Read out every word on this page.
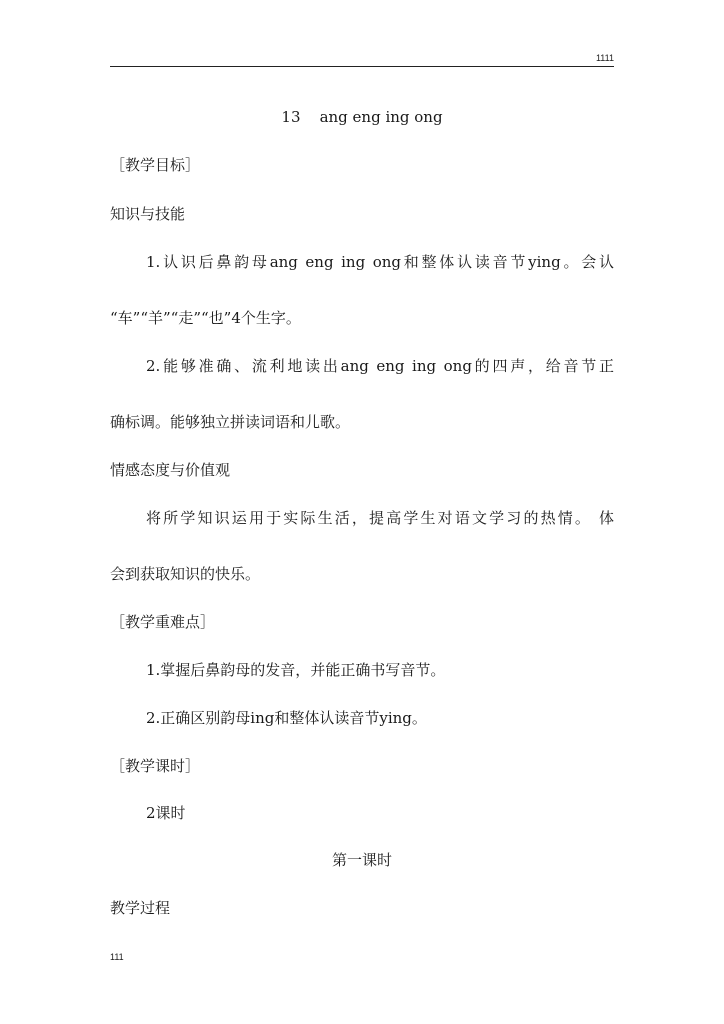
1111
13    ang eng ing ong
［教学目标］
知识与技能
1.认识后鼻韵母ang eng ing ong和整体认读音节ying。会认
“车”“羊”“走”“也”4个生字。
2.能够准确、流利地读出ang eng ing ong的四声，给音节正
确标调。能够独立拼读词语和儿歌。
情感态度与价值观
将所学知识运用于实际生活，提高学生对语文学习的热情。 体
会到获取知识的快乐。
［教学重难点］
1.掌握后鼻韵母的发音，并能正确书写音节。
2.正确区别韵母ing和整体认读音节ying。
［教学课时］
2课时
第一课时
教学过程
111
